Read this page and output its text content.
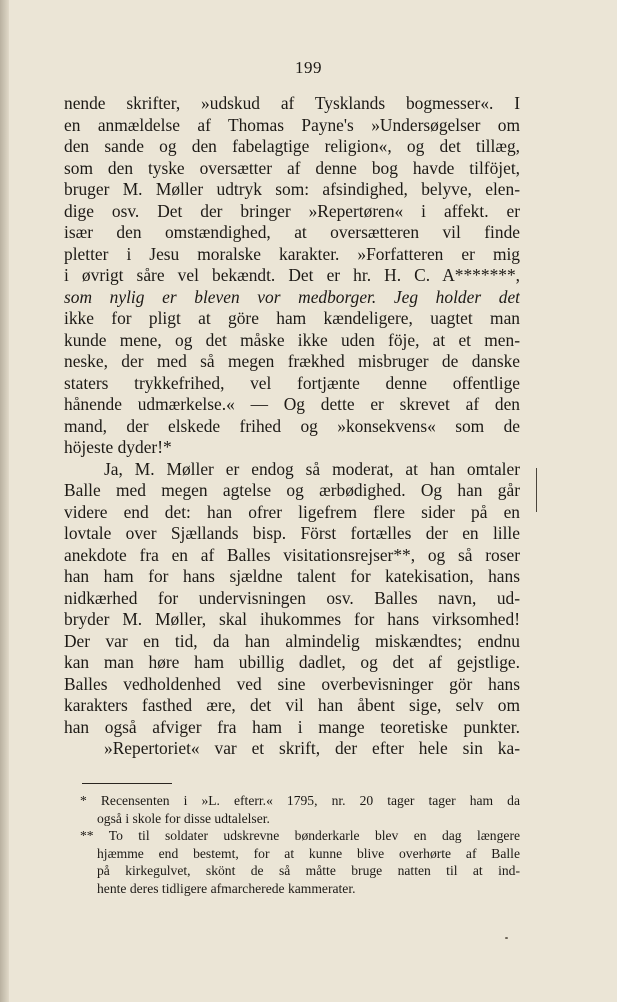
199
nende skrifter, »udskud af Tysklands bogmesser«. I
en anmældelse af Thomas Payne's »Undersøgelser om
den sande og den fabelagtige religion«, og det tillæg,
som den tyske oversætter af denne bog havde tilföjet,
bruger M. Møller udtryk som: afsindighed, belyve, elen-
dige osv. Det der bringer »Repertøren« i affekt. er
især den omstændighed, at oversætteren vil finde
pletter i Jesu moralske karakter. »Forfatteren er mig
i øvrigt såre vel bekændt. Det er hr. H. C. A*******,
som nylig er bleven vor medborger. Jeg holder det
ikke for pligt at göre ham kændeligere, uagtet man
kunde mene, og det måske ikke uden föje, at et men-
neske, der med så megen frækhed misbruger de danske
staters trykkefrihed, vel fortjænte denne offentlige
hånende udmærkelse.« — Og dette er skrevet af den
mand, der elskede frihed og »konsekvens« som de
höjeste dyder!*
Ja, M. Møller er endog så moderat, at han omtaler
Balle med megen agtelse og ærbødighed. Og han går
videre end det: han ofrer ligefrem flere sider på en
lovtale over Sjællands bisp. Först fortælles der en lille
anekdote fra en af Balles visitationsrejser**, og så roser
han ham for hans sjældne talent for katekisation, hans
nidkærhed for undervisningen osv. Balles navn, ud-
bryder M. Møller, skal ihukommes for hans virksomhed!
Der var en tid, da han almindelig miskændtes; endnu
kan man høre ham ubillig dadlet, og det af gejstlige.
Balles vedholdenhed ved sine overbevisninger gör hans
karakters fasthed ære, det vil han åbent sige, selv om
han også afviger fra ham i mange teoretiske punkter.
»Repertoriet« var et skrift, der efter hele sin ka-
* Recensenten i »L. efterr.« 1795, nr. 20 tager tager ham da
også i skole for disse udtalelser.
** To til soldater udskrevne bønderkarle blev en dag længere
hjæmme end bestemt, for at kunne blive overhørte af Balle
på kirkegulvet, skönt de så måtte bruge natten til at ind-
hente deres tidligere afmarcherede kammerater.
